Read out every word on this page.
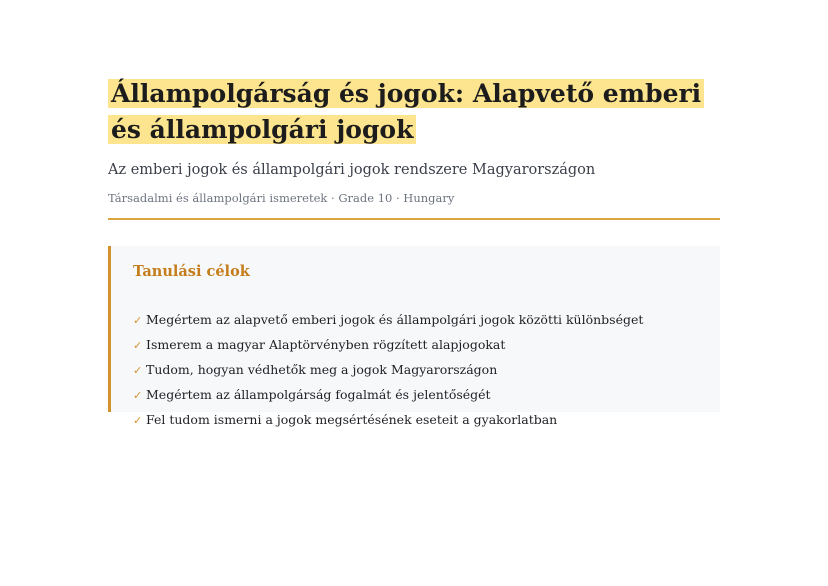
Állampolgárság és jogok: Alapvető emberi és állampolgári jogok

Az emberi jogok és állampolgári jogok rendszere Magyarországon

Társadalmi és állampolgári ismeretek · Grade 10 · Hungary

Tanulási célok
✓ Megértem az alapvető emberi jogok és állampolgári jogok közötti különbséget
✓ Ismerem a magyar Alaptörvényben rögzített alapjogokat
✓ Tudom, hogyan védhetők meg a jogok Magyarországon
✓ Megértem az állampolgárság fogalmát és jelentőségét
✓ Fel tudom ismerni a jogok megsértésének eseteit a gyakorlatban
